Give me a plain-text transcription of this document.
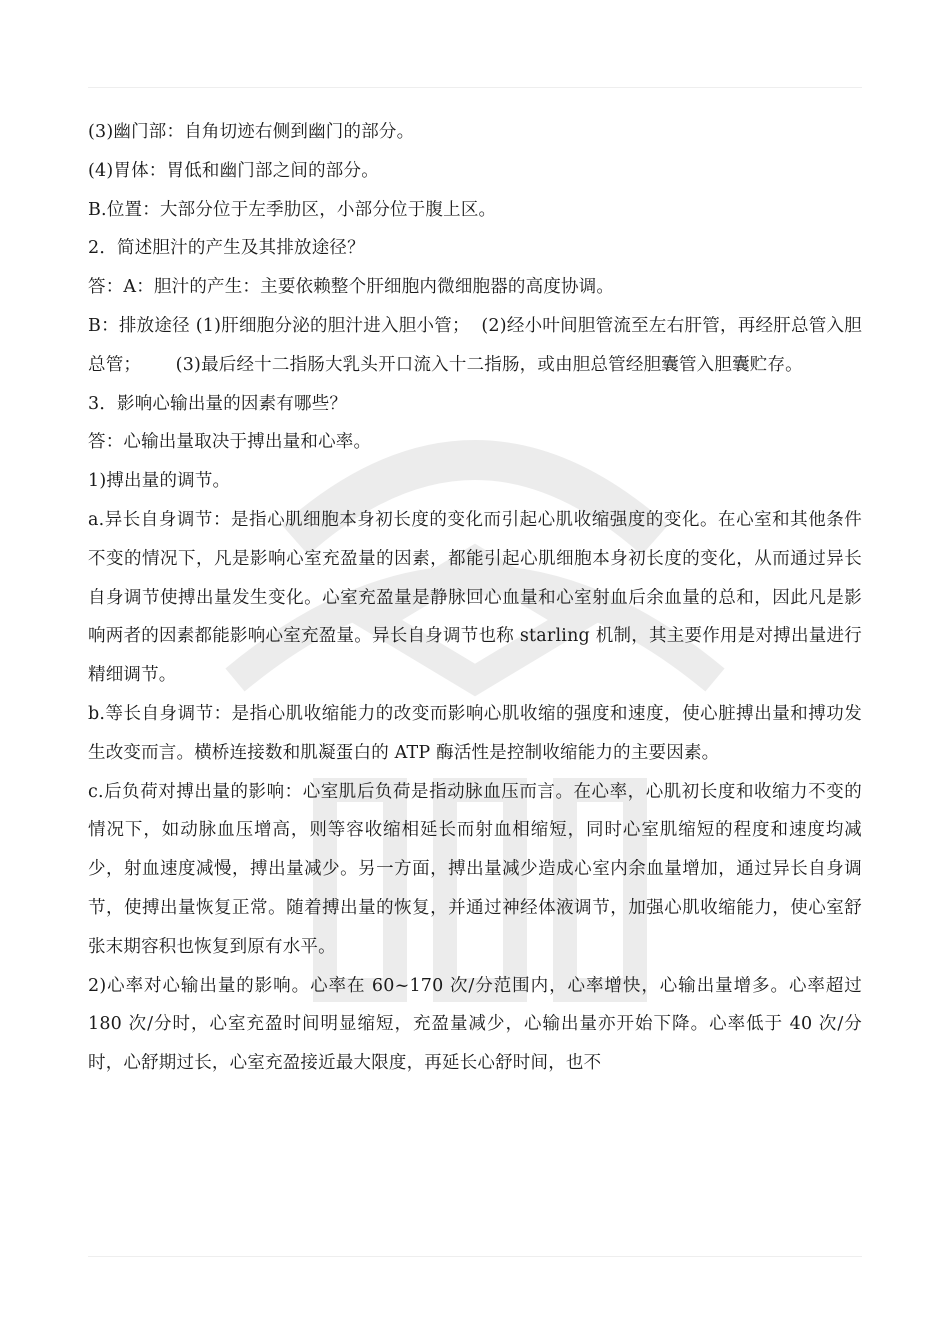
(3)幽门部：自角切迹右侧到幽门的部分。

(4)胃体：胃低和幽门部之间的部分。

B.位置：大部分位于左季肋区，小部分位于腹上区。

2．简述胆汁的产生及其排放途径？

答：A：胆汁的产生：主要依赖整个肝细胞内微细胞器的高度协调。

B：排放途径 (1)肝细胞分泌的胆汁进入胆小管；  (2)经小叶间胆管流至左右肝管，再经肝总管入胆总管；      (3)最后经十二指肠大乳头开口流入十二指肠，或由胆总管经胆囊管入胆囊贮存。

3．影响心输出量的因素有哪些？

答：心输出量取决于搏出量和心率。

1)搏出量的调节。

a.异长自身调节：是指心肌细胞本身初长度的变化而引起心肌收缩强度的变化。在心室和其他条件不变的情况下，凡是影响心室充盈量的因素，都能引起心肌细胞本身初长度的变化，从而通过异长自身调节使搏出量发生变化。心室充盈量是静脉回心血量和心室射血后余血量的总和，因此凡是影响两者的因素都能影响心室充盈量。异长自身调节也称 starling 机制，其主要作用是对搏出量进行精细调节。

b.等长自身调节：是指心肌收缩能力的改变而影响心肌收缩的强度和速度，使心脏搏出量和搏功发生改变而言。横桥连接数和肌凝蛋白的 ATP 酶活性是控制收缩能力的主要因素。

c.后负荷对搏出量的影响：心室肌后负荷是指动脉血压而言。在心率，心肌初长度和收缩力不变的情况下，如动脉血压增高，则等容收缩相延长而射血相缩短，同时心室肌缩短的程度和速度均减少，射血速度减慢，搏出量减少。另一方面，搏出量减少造成心室内余血量增加，通过异长自身调节，使搏出量恢复正常。随着搏出量的恢复，并通过神经体液调节，加强心肌收缩能力，使心室舒张末期容积也恢复到原有水平。

2)心率对心输出量的影响。心率在 60~170 次/分范围内，心率增快，心输出量增多。心率超过 180 次/分时，心室充盈时间明显缩短，充盈量减少，心输出量亦开始下降。心率低于 40 次/分时，心舒期过长，心室充盈接近最大限度，再延长心舒时间，也不
